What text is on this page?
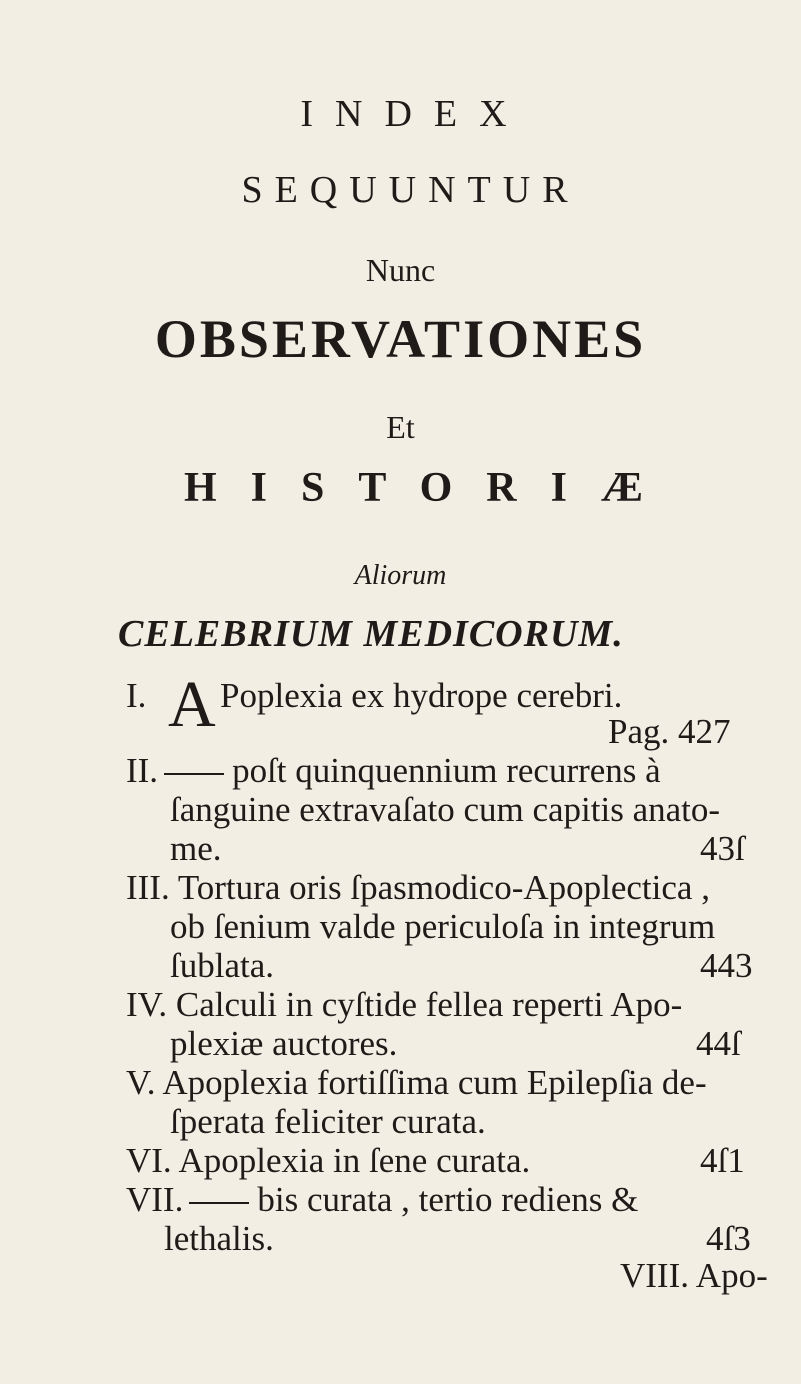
INDEX
SEQUUNTUR
Nunc
OBSERVATIONES
Et
HISTORIÆ
Aliorum
CELEBRIUM MEDICORUM.
I. A Poplexia ex hydrope cerebri.
Pag. 427
II. poſt quinquennium recurrens à
ſanguine extravaſato cum capitis anato-
me.	43ſ
III. Tortura oris ſpasmodico-Apoplectica ,
ob ſenium valde periculoſa in integrum
ſublata.	443
IV. Calculi in cyſtide fellea reperti Apo-
plexiæ auctores.	44ſ
V. Apoplexia fortiſſima cum Epilepſia de-
ſperata feliciter curata.
VI. Apoplexia in ſene curata.	4ſ1
VII. bis curata , tertio rediens &
lethalis.	4ſ3
VIII. Apo-
